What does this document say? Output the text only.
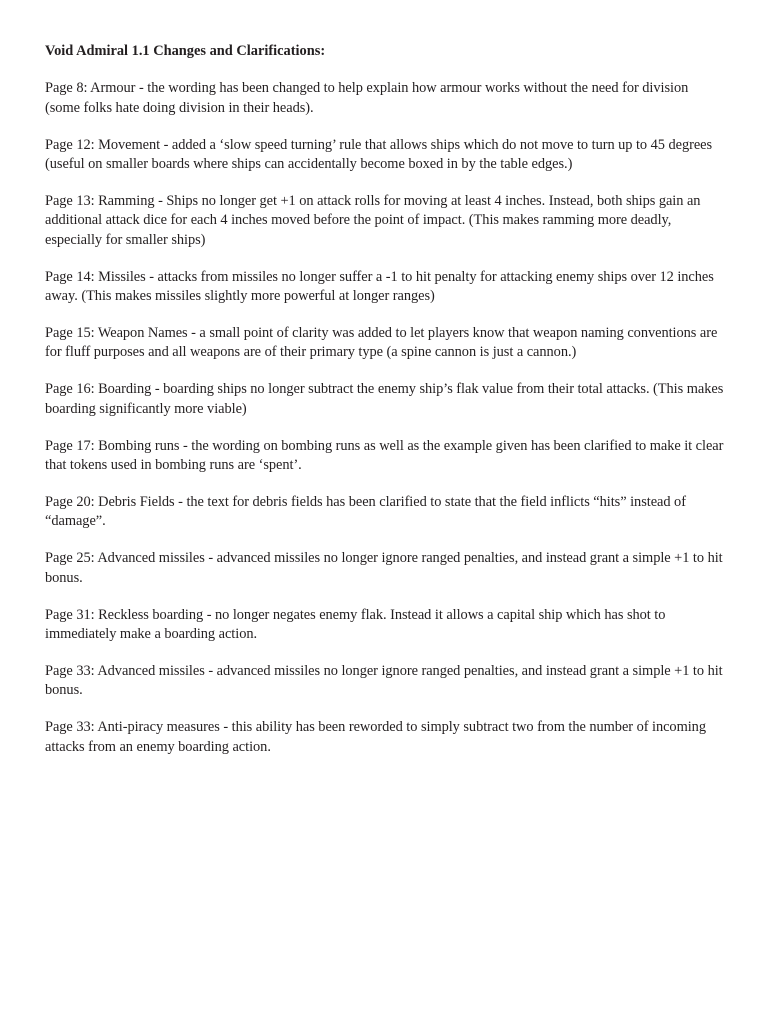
Void Admiral 1.1 Changes and Clarifications:

Page 8: Armour - the wording has been changed to help explain how armour works without the need for division (some folks hate doing division in their heads).

Page 12: Movement - added a ‘slow speed turning’ rule that allows ships which do not move to turn up to 45 degrees (useful on smaller boards where ships can accidentally become boxed in by the table edges.)

Page 13: Ramming - Ships no longer get +1 on attack rolls for moving at least 4 inches. Instead, both ships gain an additional attack dice for each 4 inches moved before the point of impact. (This makes ramming more deadly, especially for smaller ships)

Page 14: Missiles - attacks from missiles no longer suffer a -1 to hit penalty for attacking enemy ships over 12 inches away. (This makes missiles slightly more powerful at longer ranges)

Page 15: Weapon Names - a small point of clarity was added to let players know that weapon naming conventions are for fluff purposes and all weapons are of their primary type (a spine cannon is just a cannon.)

Page 16: Boarding - boarding ships no longer subtract the enemy ship’s flak value from their total attacks. (This makes boarding significantly more viable)

Page 17: Bombing runs - the wording on bombing runs as well as the example given has been clarified to make it clear that tokens used in bombing runs are ‘spent’.

Page 20: Debris Fields - the text for debris fields has been clarified to state that the field inflicts “hits” instead of “damage”.

Page 25: Advanced missiles - advanced missiles no longer ignore ranged penalties, and instead grant a simple +1 to hit bonus.

Page 31: Reckless boarding - no longer negates enemy flak. Instead it allows a capital ship which has shot to immediately make a boarding action.

Page 33: Advanced missiles - advanced missiles no longer ignore ranged penalties, and instead grant a simple +1 to hit bonus.

Page 33: Anti-piracy measures - this ability has been reworded to simply subtract two from the number of incoming attacks from an enemy boarding action.
